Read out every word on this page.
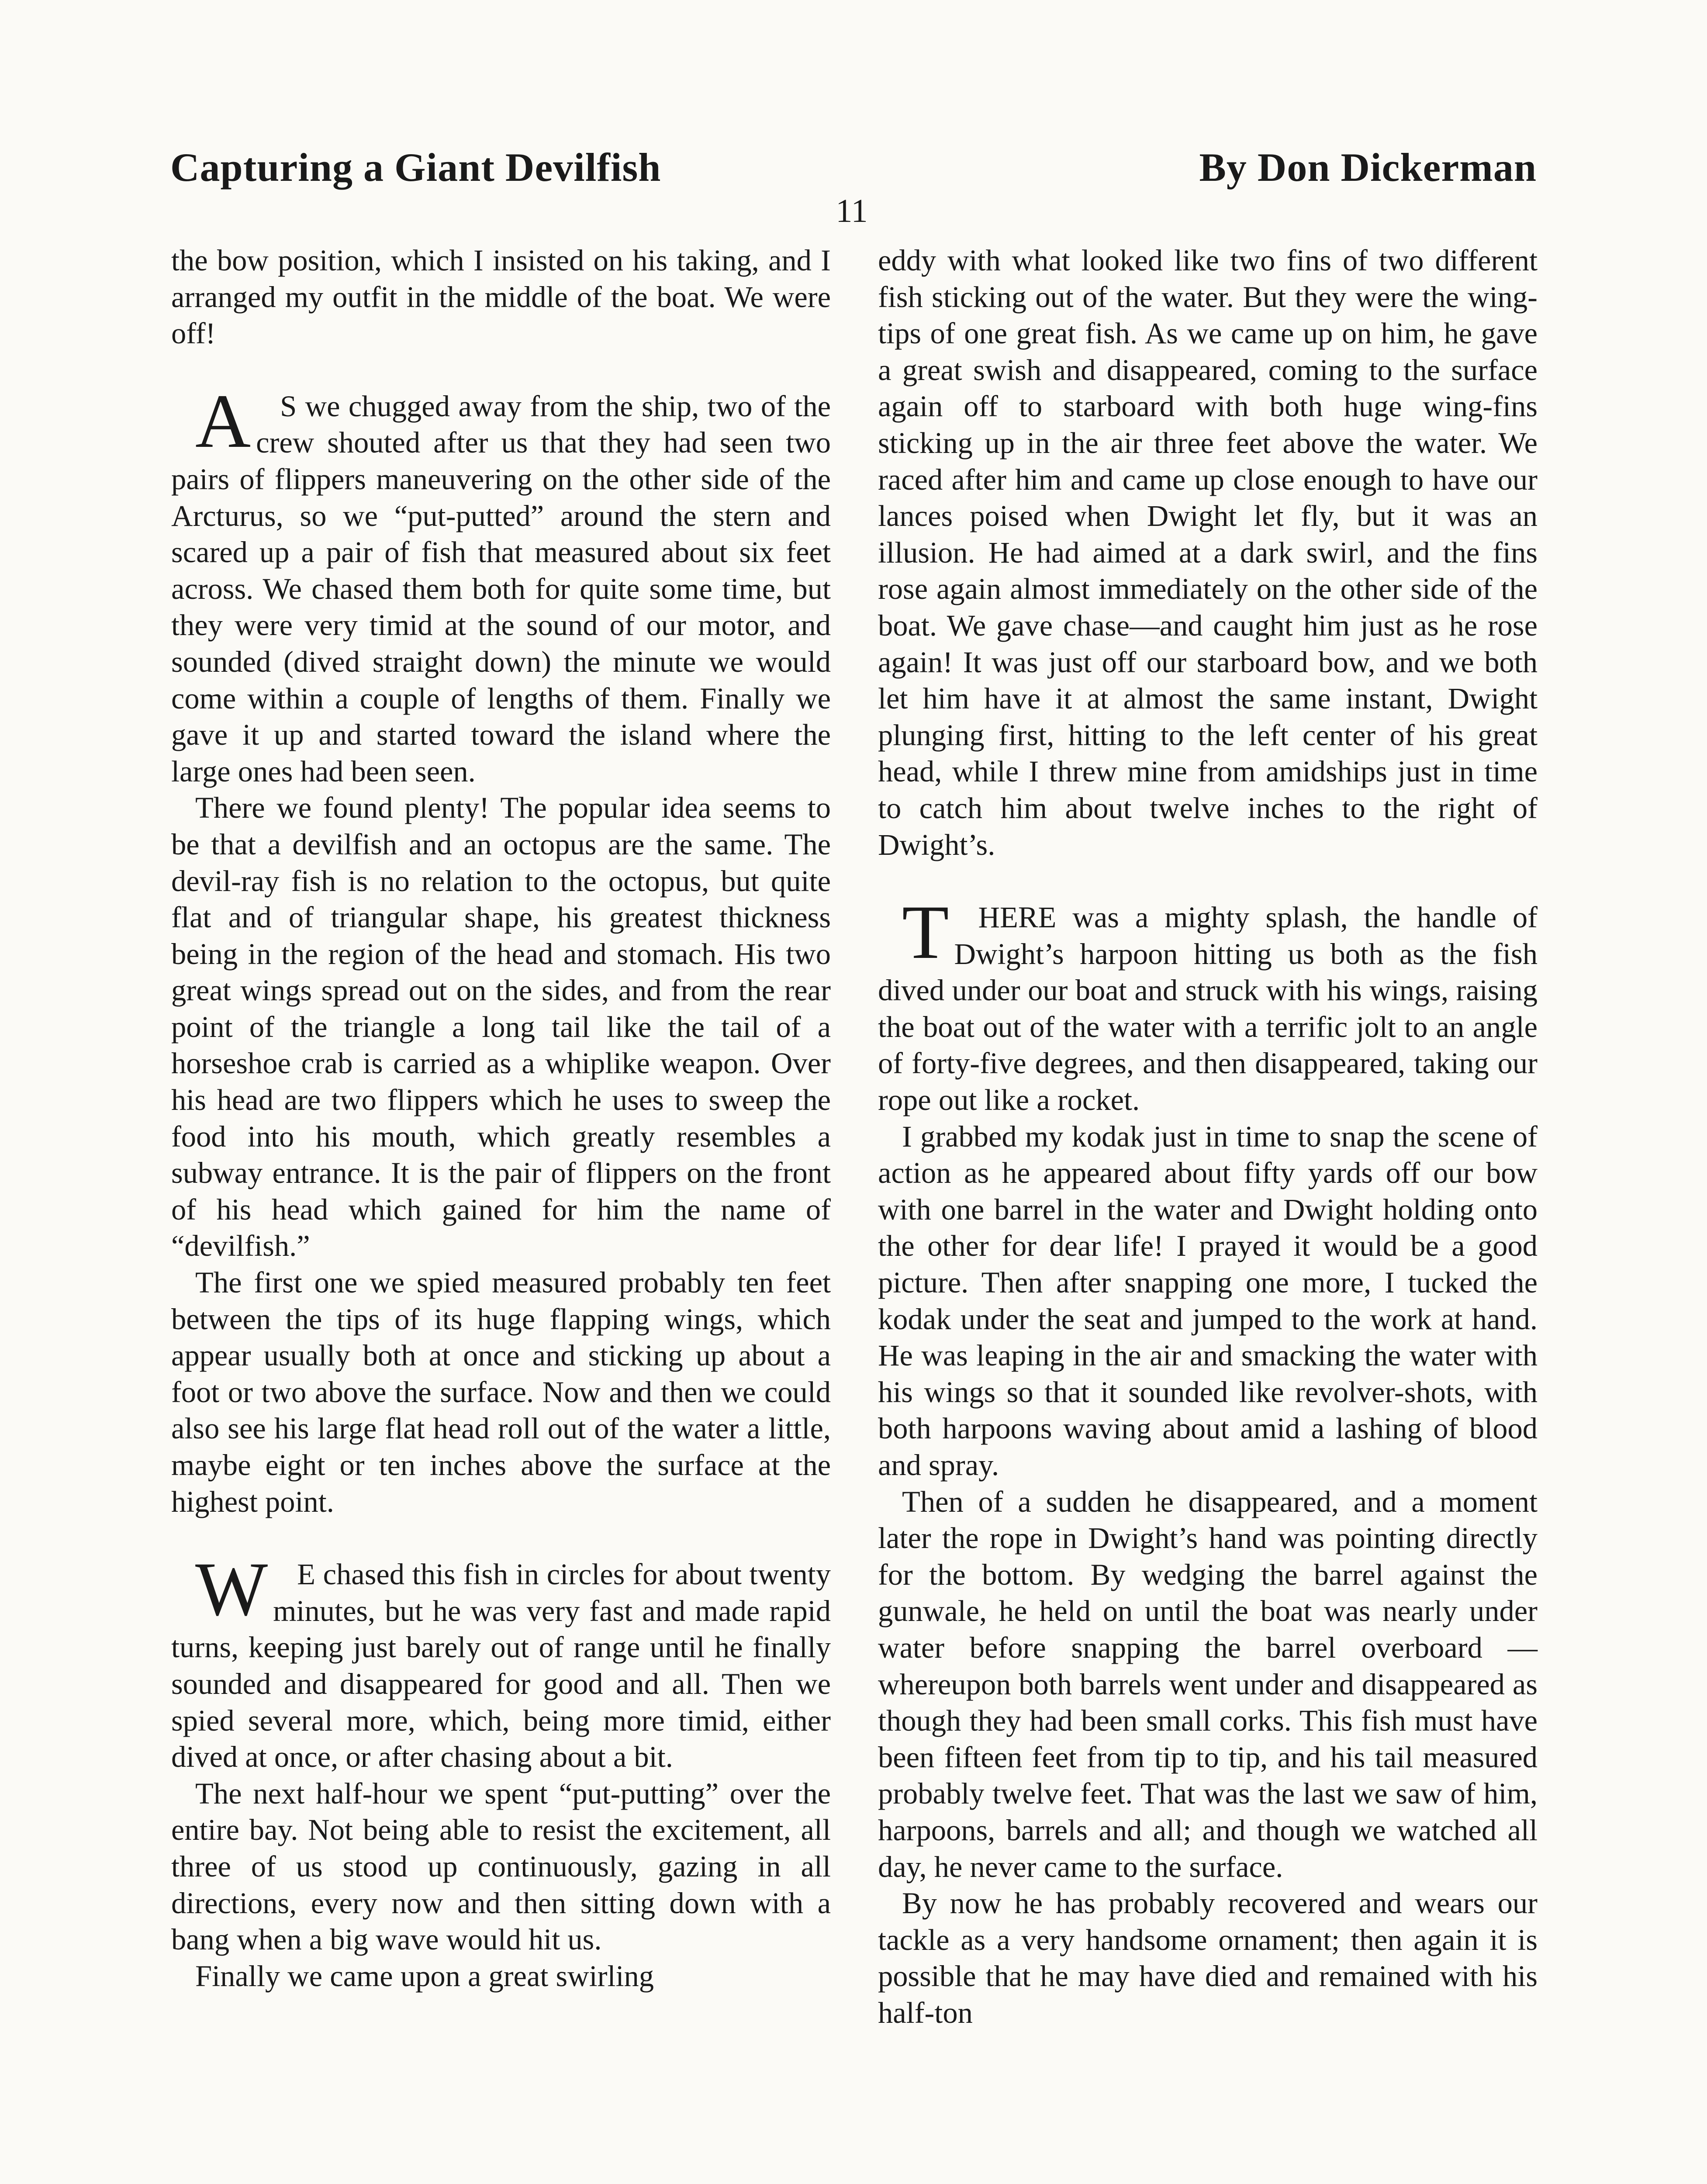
Capturing a Giant Devilfish	By Don Dickerman
11

the bow position, which I insisted on his taking, and I arranged my outfit in the middle of the boat. We were off!

A S we chugged away from the ship, two of the crew shouted after us that they had seen two pairs of flippers maneuvering on the other side of the Arcturus, so we “put-putted” around the stern and scared up a pair of fish that measured about six feet across. We chased them both for quite some time, but they were very timid at the sound of our motor, and sounded (dived straight down) the minute we would come within a couple of lengths of them. Finally we gave it up and started toward the island where the large ones had been seen.

There we found plenty! The popular idea seems to be that a devilfish and an octopus are the same. The devil-ray fish is no relation to the octopus, but quite flat and of triangular shape, his greatest thickness being in the region of the head and stomach. His two great wings spread out on the sides, and from the rear point of the triangle a long tail like the tail of a horseshoe crab is carried as a whiplike weapon. Over his head are two flippers which he uses to sweep the food into his mouth, which greatly resembles a subway entrance. It is the pair of flippers on the front of his head which gained for him the name of “devilfish.”

The first one we spied measured probably ten feet between the tips of its huge flapping wings, which appear usually both at once and sticking up about a foot or two above the surface. Now and then we could also see his large flat head roll out of the water a little, maybe eight or ten inches above the surface at the highest point.

W E chased this fish in circles for about twenty minutes, but he was very fast and made rapid turns, keeping just barely out of range until he finally sounded and disappeared for good and all. Then we spied several more, which, being more timid, either dived at once, or after chasing about a bit.

The next half-hour we spent “put-putting” over the entire bay. Not being able to resist the excitement, all three of us stood up continuously, gazing in all directions, every now and then sitting down with a bang when a big wave would hit us.

Finally we came upon a great swirling

eddy with what looked like two fins of two different fish sticking out of the water. But they were the wing-tips of one great fish. As we came up on him, he gave a great swish and disappeared, coming to the surface again off to starboard with both huge wing-fins sticking up in the air three feet above the water. We raced after him and came up close enough to have our lances poised when Dwight let fly, but it was an illusion. He had aimed at a dark swirl, and the fins rose again almost immediately on the other side of the boat. We gave chase—and caught him just as he rose again! It was just off our starboard bow, and we both let him have it at almost the same instant, Dwight plunging first, hitting to the left center of his great head, while I threw mine from amidships just in time to catch him about twelve inches to the right of Dwight’s.

THERE was a mighty splash, the handle of Dwight’s harpoon hitting us both as the fish dived under our boat and struck with his wings, raising the boat out of the water with a terrific jolt to an angle of forty-five degrees, and then disappeared, taking our rope out like a rocket.

I grabbed my kodak just in time to snap the scene of action as he appeared about fifty yards off our bow with one barrel in the water and Dwight holding onto the other for dear life! I prayed it would be a good picture. Then after snapping one more, I tucked the kodak under the seat and jumped to the work at hand. He was leaping in the air and smacking the water with his wings so that it sounded like revolver-shots, with both harpoons waving about amid a lashing of blood and spray.

Then of a sudden he disappeared, and a moment later the rope in Dwight’s hand was pointing directly for the bottom. By wedging the barrel against the gunwale, he held on until the boat was nearly under water before snapping the barrel overboard —whereupon both barrels went under and disappeared as though they had been small corks. This fish must have been fifteen feet from tip to tip, and his tail measured probably twelve feet. That was the last we saw of him, harpoons, barrels and all; and though we watched all day, he never came to the surface.

By now he has probably recovered and wears our tackle as a very handsome ornament; then again it is possible that he may have died and remained with his half-ton
